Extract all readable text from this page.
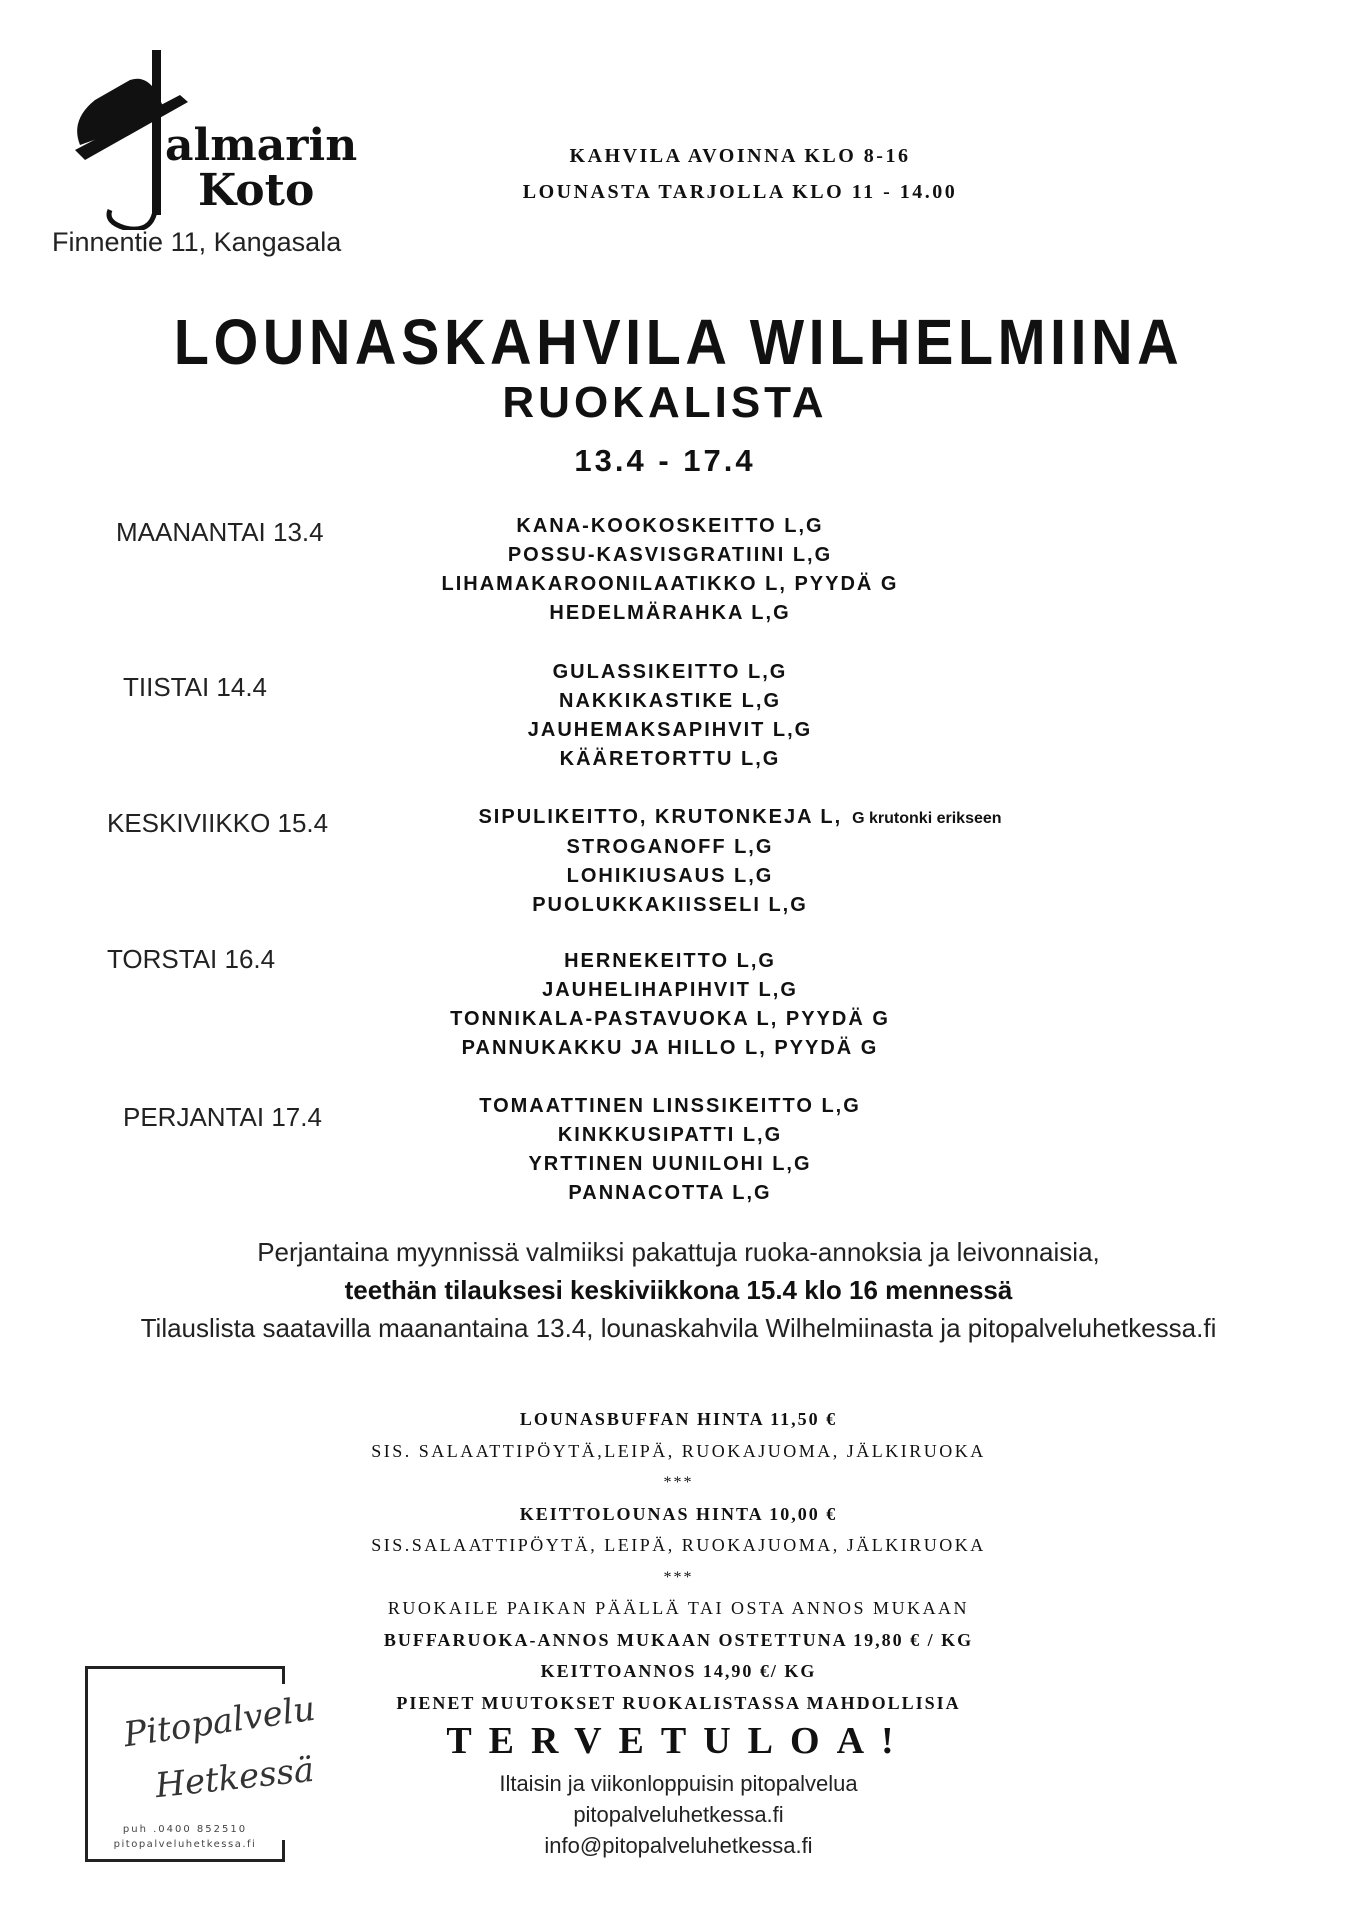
almarin
Koto
Finnentie 11, Kangasala
KAHVILA AVOINNA KLO 8-16
LOUNASTA TARJOLLA KLO 11 - 14.00
LOUNASKAHVILA WILHELMIINA
RUOKALISTA
13.4 - 17.4
MAANANTAI 13.4	KANA-KOOKOSKEITTO L,G
POSSU-KASVISGRATIINI L,G
LIHAMAKAROONILAATIKKO L, PYYDÄ G
HEDELMÄRAHKA L,G
TIISTAI 14.4	GULASSIKEITTO L,G
NAKKIKASTIKE L,G
JAUHEMAKSAPIHVIT L,G
KÄÄRETORTTU L,G
KESKIVIIKKO 15.4	SIPULIKEITTO, KRUTONKEJA L, G krutonki erikseen
STROGANOFF L,G
LOHIKIUSAUS L,G
PUOLUKKAKIISSELI L,G
TORSTAI 16.4	HERNEKEITTO L,G
JAUHELIHAPIHVIT L,G
TONNIKALA-PASTAVUOKA L, PYYDÄ G
PANNUKAKKU JA HILLO L, PYYDÄ G
PERJANTAI 17.4	TOMAATTINEN LINSSIKEITTO L,G
KINKKUSIPATTI L,G
YRTTINEN UUNILOHI L,G
PANNACOTTA L,G
Perjantaina myynnissä valmiiksi pakattuja ruoka-annoksia ja leivonnaisia,
teethän tilauksesi keskiviikkona 15.4 klo 16 mennessä
Tilauslista saatavilla maanantaina 13.4, lounaskahvila Wilhelmiinasta ja pitopalveluhetkessa.fi
LOUNASBUFFAN HINTA 11,50 €
SIS. SALAATTIPÖYTÄ,LEIPÄ, RUOKAJUOMA, JÄLKIRUOKA
***
KEITTOLOUNAS HINTA 10,00 €
SIS.SALAATTIPÖYTÄ, LEIPÄ, RUOKAJUOMA, JÄLKIRUOKA
***
RUOKAILE PAIKAN PÄÄLLÄ TAI OSTA ANNOS MUKAAN
BUFFARUOKA-ANNOS MUKAAN OSTETTUNA 19,80 € / KG
KEITTOANNOS 14,90 €/ KG
PIENET MUUTOKSET RUOKALISTASSA MAHDOLLISIA
TERVETULOA!
Iltaisin ja viikonloppuisin pitopalvelua
pitopalveluhetkessa.fi
info@pitopalveluhetkessa.fi
Pitopalvelu
Hetkessä
puh .0400 852510
pitopalveluhetkessa.fi
